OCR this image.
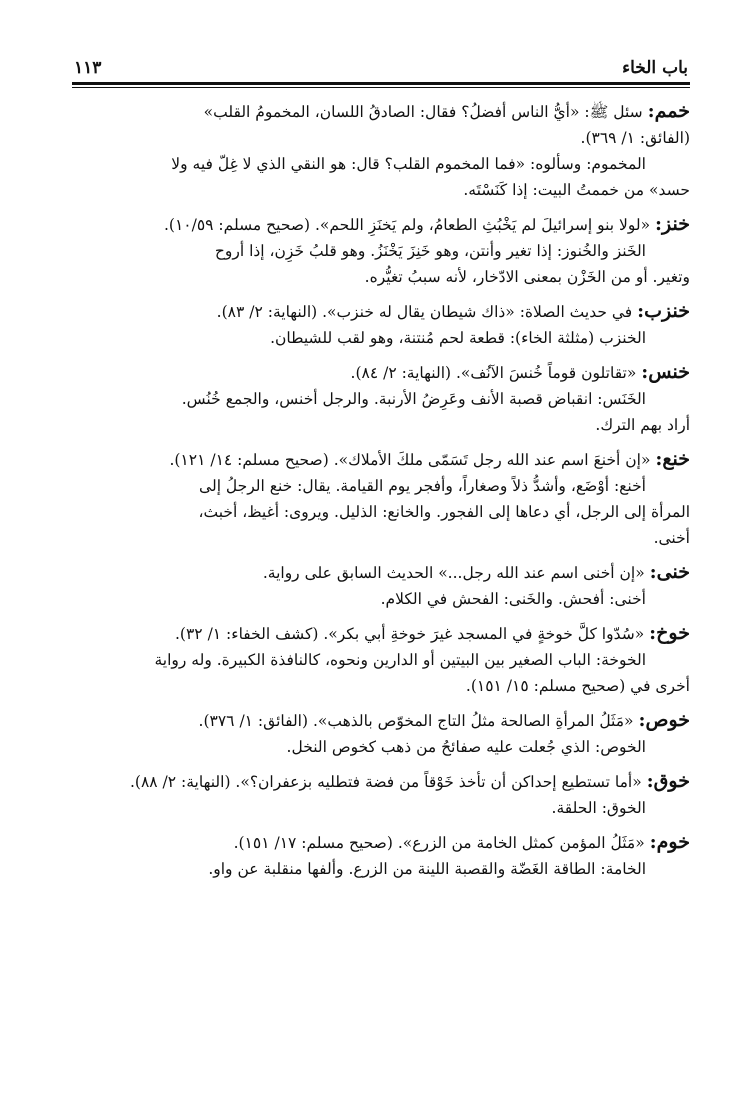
باب الخاء
١١٣
خمم: سئل ﷺ: «أيُّ الناس أفضلُ؟ فقال: الصادقُ اللسان، المخمومُ القلب»
(الفائق: ١/ ٣٦٩).
المخموم: وسألوه: «فما المخموم القلب؟ قال: هو النقي الذي لا غِلّ فيه ولا
حسد» من خممتُ البيت: إذا كَنَسْتَه.
خنز: «لولا بنو إسرائيلَ لم يَخْبُثِ الطعامُ، ولم يَخنَزِ اللحم». (صحيح مسلم: ١٠/٥٩).
الخَنز والخُنوز: إذا تغير وأنتن، وهو خَنِزَ يَخْنَزُ. وهو قلبُ خَزِن، إذا أروح
وتغير. أو من الخَزْن بمعنى الادّخار، لأنه سببُ تغيُّره.
خنزب: في حديث الصلاة: «ذاك شيطان يقال له خنزب». (النهاية: ٢/ ٨٣).
الخنزب (مثلثة الخاء): قطعة لحم مُنتنة، وهو لقب للشيطان.
خنس: «تقاتلون قوماً خُنسَ الآنُف». (النهاية: ٢/ ٨٤).
الخَنَس: انقباض قصبة الأنف وعَرِضُ الأرنبة. والرجل أخنس، والجمع خُنُس.
أراد بهم الترك.
خنع: «إن أخنعَ اسم عند الله رجل تَسَمّى ملكَ الأملاك». (صحيح مسلم: ١٤/ ١٢١).
أخنع: أوْضَع، وأشدُّ ذلاً وصغاراً، وأفجر يوم القيامة. يقال: خنع الرجلُ إلى
المرأة إلى الرجل، أي دعاها إلى الفجور. والخانع: الذليل. ويروى: أغيظ، أخبث،
أخنى.
خنى: «إن أخنى اسم عند الله رجل...» الحديث السابق على رواية.
أخنى: أفحش. والخَنى: الفحش في الكلام.
خوخ: «سُدّوا كلَّ خوخةٍ في المسجد غيرَ خوخةِ أبي بكر». (كشف الخفاء: ١/ ٣٢).
الخوخة: الباب الصغير بين البيتين أو الدارين ونحوه، كالنافذة الكبيرة. وله رواية
أخرى في (صحيح مسلم: ١٥/ ١٥١).
خوص: «مَثَلُ المرأةِ الصالحة مثلُ التاج المخوّص بالذهب». (الفائق: ١/ ٣٧٦).
الخوص: الذي جُعلت عليه صفائحُ من ذهب كخوص النخل.
خوق: «أما تستطيع إحداكن أن تأخذ خَوْقاً من فضة فتطليه بزعفران؟». (النهاية: ٢/ ٨٨).
الخوق: الحلقة.
خوم: «مَثَلُ المؤمن كمثل الخامة من الزرع». (صحيح مسلم: ١٧/ ١٥١).
الخامة: الطاقة الغَضّة والقصبة اللينة من الزرع. وألفها منقلبة عن واو.
